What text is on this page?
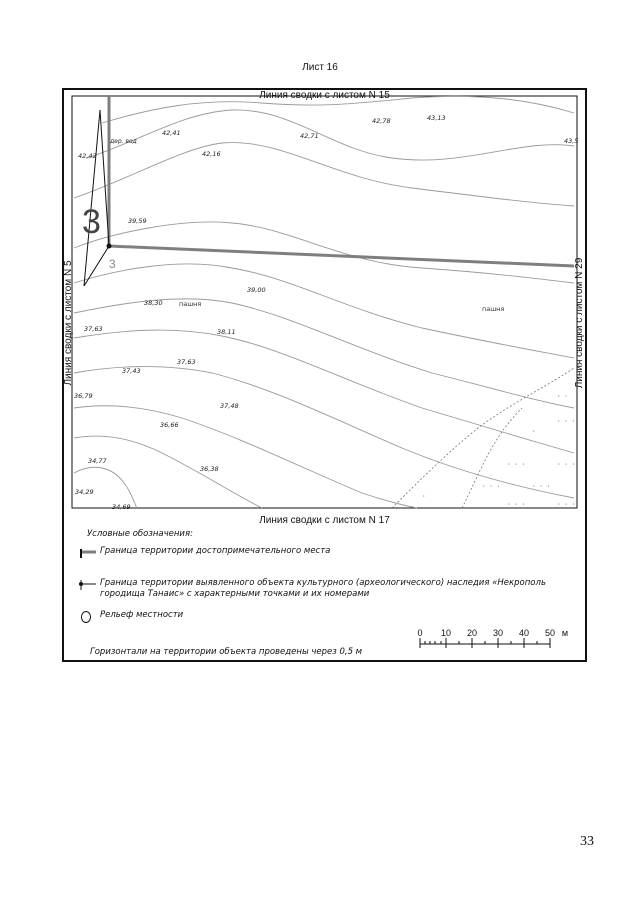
Лист 16
3
3
дер. вод
42,41	42,71
42,78	43,13
43,5
42,42	42,16
39,59
39,00
38,30
38,11
37,63
37,63
37,43
37,48
36,79
36,66
36,38
34,77
34,29
34,69
пашня
пашня
· ·
·
· · ·
· · ·	· · ·
· · ·	· · ·
· · ·	· · ·
·
Линия сводки с листом N 15
Линия сводки с листом N 17
Линия сводки с листом N 5	Линия сводки с листом N 29
Условные обозначения:
Граница территории достопримечательного места
Граница территории выявленного объекта культурного (археологического) наследия «Некрополь городища Танаис» с характерными точками и их номерами
Рельеф местности
0 10 20 30 40 50 м
Горизонтали на территории объекта проведены через 0,5 м
33
